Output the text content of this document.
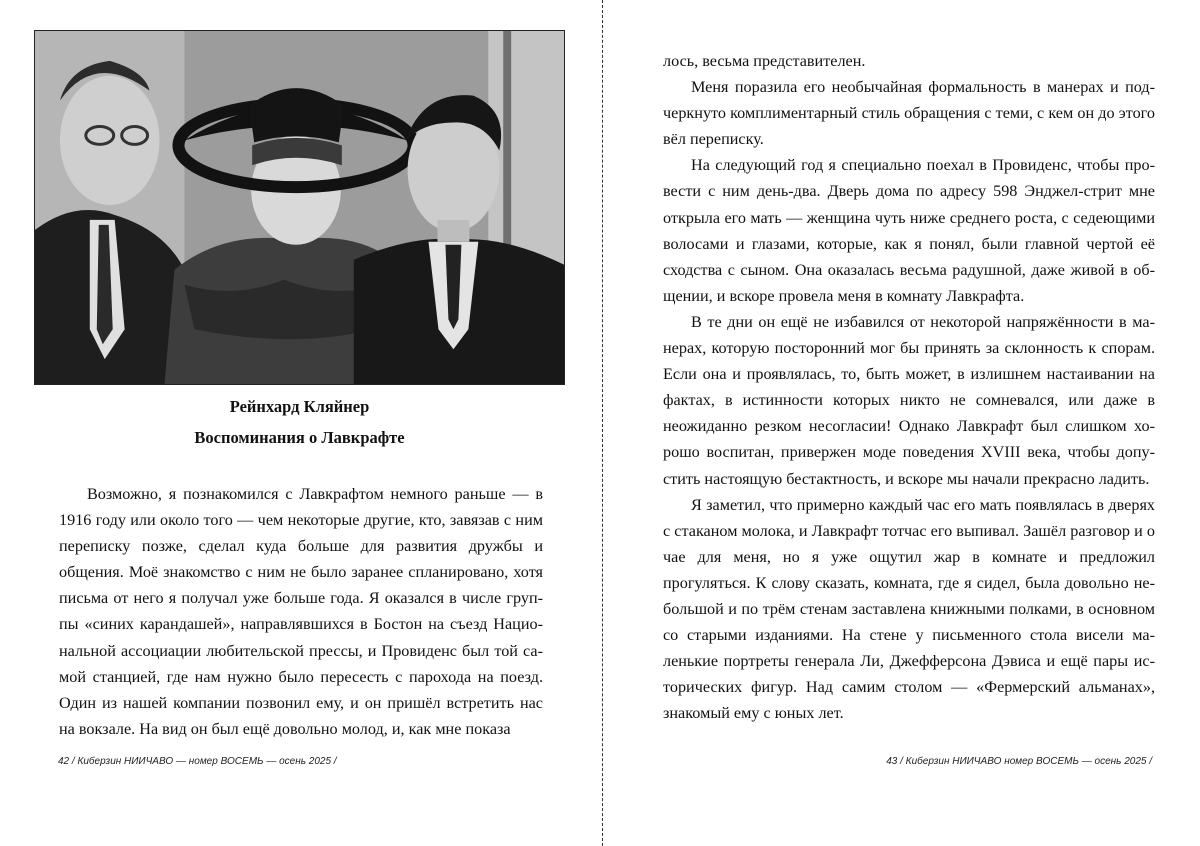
Рейнхард Кляйнер
Воспоминания о Лавкрафте

Возможно, я познакомился с Лавкрафтом немного раньше — в 1916 году или около того — чем некоторые другие, кто, завязав с ним переписку позже, сделал куда больше для развития дружбы и общения. Моё знакомство с ним не было заранее спланировано, хотя письма от него я получал уже больше года. Я оказался в числе группы «синих карандашей», направлявшихся в Бостон на съезд Национальной ассоциации любительской прессы, и Провиденс был той самой станцией, где нам нужно было пересесть с парохода на поезд. Один из нашей компании позвонил ему, и он пришёл встретить нас на вокзале. На вид он был ещё довольно молод, и, как мне показа

42 / Киберзин НИИЧАВО — номер ВОСЕМЬ — осень 2025 /

лось, весьма представителен.

Меня поразила его необычайная формальность в манерах и подчеркнуто комплиментарный стиль обращения с теми, с кем он до этого вёл переписку.

На следующий год я специально поехал в Провиденс, чтобы провести с ним день-два. Дверь дома по адресу 598 Энджел-стрит мне открыла его мать — женщина чуть ниже среднего роста, с седеющими волосами и глазами, которые, как я понял, были главной чертой её сходства с сыном. Она оказалась весьма радушной, даже живой в общении, и вскоре провела меня в комнату Лавкрафта.

В те дни он ещё не избавился от некоторой напряжённости в манерах, которую посторонний мог бы принять за склонность к спорам. Если она и проявлялась, то, быть может, в излишнем настаивании на фактах, в истинности которых никто не сомневался, или даже в неожиданно резком несогласии! Однако Лавкрафт был слишком хорошо воспитан, привержен моде поведения XVIII века, чтобы допустить настоящую бестактность, и вскоре мы начали прекрасно ладить.

Я заметил, что примерно каждый час его мать появлялась в дверях с стаканом молока, и Лавкрафт тотчас его выпивал. Зашёл разговор и о чае для меня, но я уже ощутил жар в комнате и предложил прогуляться. К слову сказать, комната, где я сидел, была довольно небольшой и по трём стенам заставлена книжными полками, в основном со старыми изданиями. На стене у письменного стола висели маленькие портреты генерала Ли, Джефферсона Дэвиса и ещё пары исторических фигур. Над самим столом — «Фермерский альманах», знакомый ему с юных лет.

43 / Киберзин НИИЧАВО номер ВОСЕМЬ — осень 2025 /
